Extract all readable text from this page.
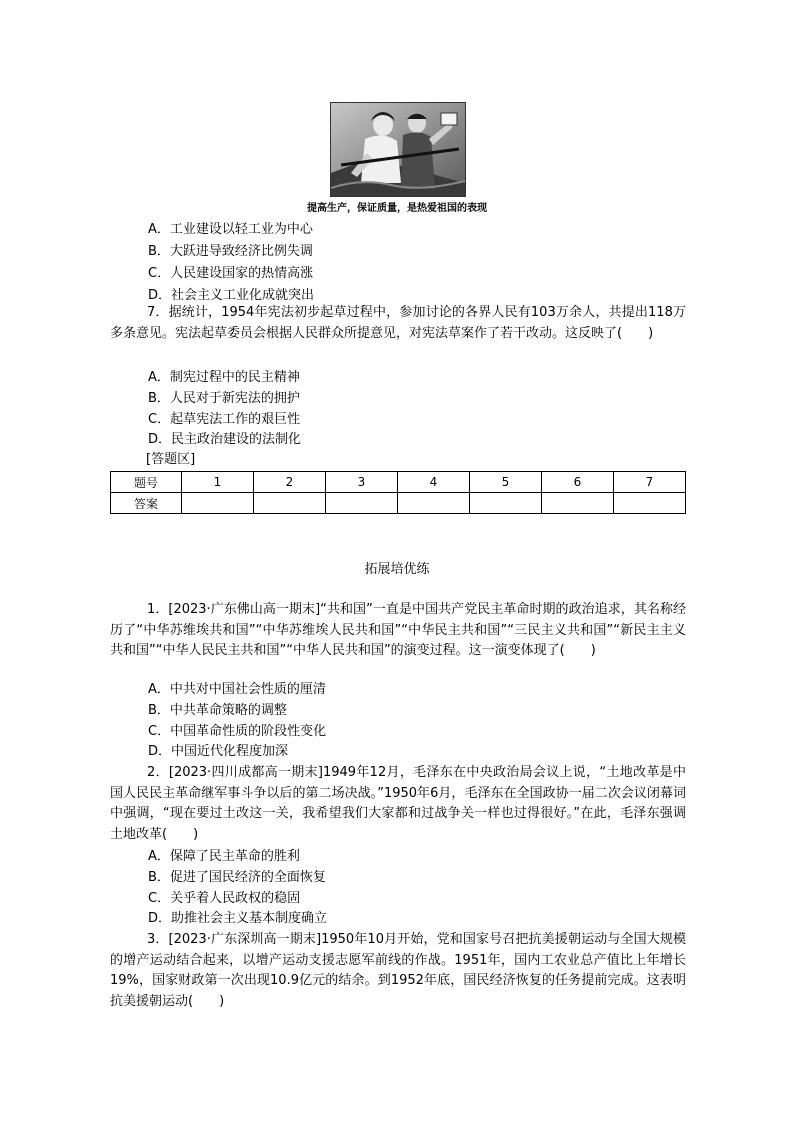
提高生产，保证质量，是热爱祖国的表现
A．工业建设以轻工业为中心
B．大跃进导致经济比例失调
C．人民建设国家的热情高涨
D．社会主义工业化成就突出
7．据统计，1954年宪法初步起草过程中，参加讨论的各界人民有103万余人，共提出118万多条意见。宪法起草委员会根据人民群众所提意见，对宪法草案作了若干改动。这反映了(　　)
A．制宪过程中的民主精神
B．人民对于新宪法的拥护
C．起草宪法工作的艰巨性
D．民主政治建设的法制化
[答题区]
题号	1	2	3	4	5	6	7
答案							
拓展培优练
1．[2023·广东佛山高一期末]“共和国”一直是中国共产党民主革命时期的政治追求，其名称经历了“中华苏维埃共和国”“中华苏维埃人民共和国”“中华民主共和国”“三民主义共和国”“新民主主义共和国”“中华人民民主共和国”“中华人民共和国”的演变过程。这一演变体现了(　　)
A．中共对中国社会性质的厘清
B．中共革命策略的调整
C．中国革命性质的阶段性变化
D．中国近代化程度加深
2．[2023·四川成都高一期末]1949年12月，毛泽东在中央政治局会议上说，“土地改革是中国人民民主革命继军事斗争以后的第二场决战。”1950年6月，毛泽东在全国政协一届二次会议闭幕词中强调，“现在要过土改这一关，我希望我们大家都和过战争关一样也过得很好。”在此，毛泽东强调土地改革(　　)
A．保障了民主革命的胜利
B．促进了国民经济的全面恢复
C．关乎着人民政权的稳固
D．助推社会主义基本制度确立
3．[2023·广东深圳高一期末]1950年10月开始，党和国家号召把抗美援朝运动与全国大规模的增产运动结合起来，以增产运动支援志愿军前线的作战。1951年，国内工农业总产值比上年增长19%，国家财政第一次出现10.9亿元的结余。到1952年底，国民经济恢复的任务提前完成。这表明抗美援朝运动(　　)
